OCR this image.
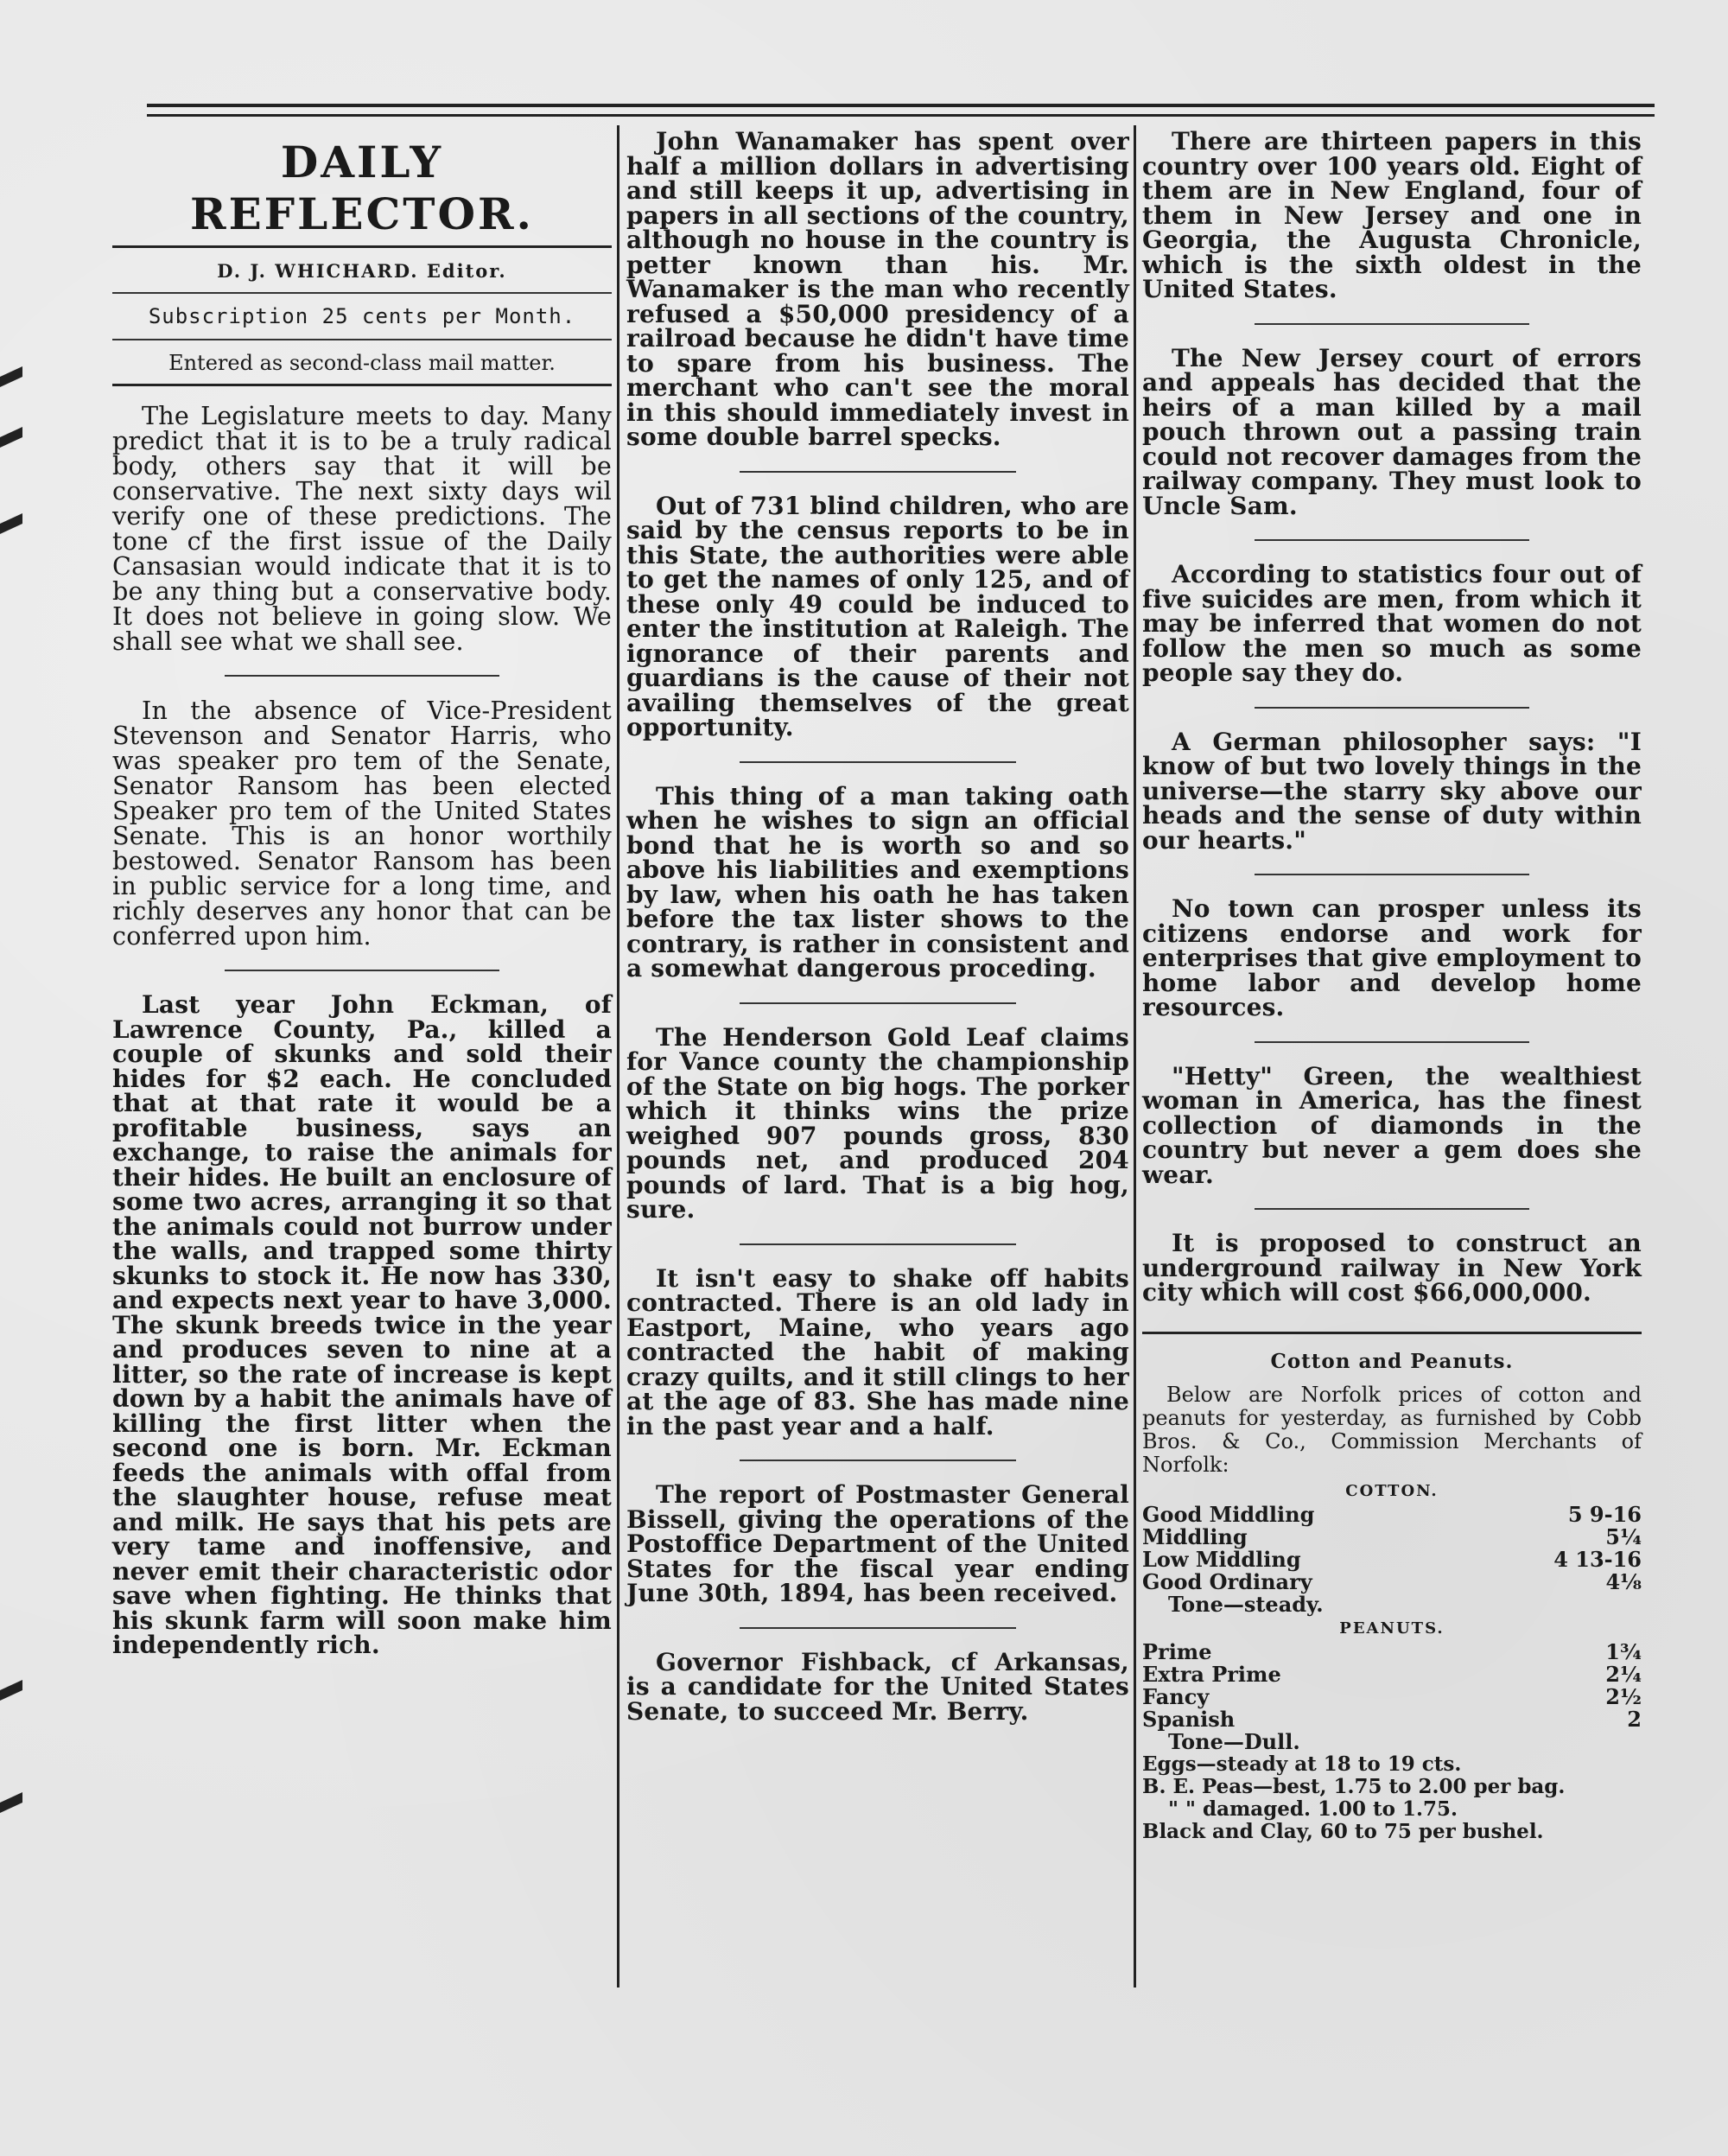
DAILY REFLECTOR.
D. J. WHICHARD. Editor.
Subscription 25 cents per Month.
Entered as second-class mail matter.

The Legislature meets to day. Many predict that it is to be a truly radical body, others say that it will be conservative. The next sixty days wil verify one of these predictions. The tone cf the first issue of the Daily Cansasian would indicate that it is to be any thing but a conservative body. It does not believe in going slow. We shall see what we shall see.

In the absence of Vice-President Stevenson and Senator Harris, who was speaker pro tem of the Senate, Senator Ransom has been elected Speaker pro tem of the United States Senate. This is an honor worthily bestowed. Senator Ransom has been in public service for a long time, and richly deserves any honor that can be conferred upon him.

Last year John Eckman, of Lawrence County, Pa., killed a couple of skunks and sold their hides for $2 each. He concluded that at that rate it would be a profitable business, says an exchange, to raise the animals for their hides. He built an enclosure of some two acres, arranging it so that the animals could not burrow under the walls, and trapped some thirty skunks to stock it. He now has 330, and expects next year to have 3,000. The skunk breeds twice in the year and produces seven to nine at a litter, so the rate of increase is kept down by a habit the animals have of killing the first litter when the second one is born. Mr. Eckman feeds the animals with offal from the slaughter house, refuse meat and milk. He says that his pets are very tame and inoffensive, and never emit their characteristic odor save when fighting. He thinks that his skunk farm will soon make him independently rich.

John Wanamaker has spent over half a million dollars in advertising and still keeps it up, advertising in papers in all sections of the country, although no house in the country is petter known than his. Mr. Wanamaker is the man who recently refused a $50,000 presidency of a railroad because he didn't have time to spare from his business. The merchant who can't see the moral in this should immediately invest in some double barrel specks.

Out of 731 blind children, who are said by the census reports to be in this State, the authorities were able to get the names of only 125, and of these only 49 could be induced to enter the institution at Raleigh. The ignorance of their parents and guardians is the cause of their not availing themselves of the great opportunity.

This thing of a man taking oath when he wishes to sign an official bond that he is worth so and so above his liabilities and exemptions by law, when his oath he has taken before the tax lister shows to the contrary, is rather in consistent and a somewhat dangerous proceding.

The Henderson Gold Leaf claims for Vance county the championship of the State on big hogs. The porker which it thinks wins the prize weighed 907 pounds gross, 830 pounds net, and produced 204 pounds of lard. That is a big hog, sure.

It isn't easy to shake off habits contracted. There is an old lady in Eastport, Maine, who years ago contracted the habit of making crazy quilts, and it still clings to her at the age of 83. She has made nine in the past year and a half.

The report of Postmaster General Bissell, giving the operations of the Postoffice Department of the United States for the fiscal year ending June 30th, 1894, has been received.

Governor Fishback, cf Arkansas, is a candidate for the United States Senate, to succeed Mr. Berry.

There are thirteen papers in this country over 100 years old. Eight of them are in New England, four of them in New Jersey and one in Georgia, the Augusta Chronicle, which is the sixth oldest in the United States.

The New Jersey court of errors and appeals has decided that the heirs of a man killed by a mail pouch thrown out a passing train could not recover damages from the railway company. They must look to Uncle Sam.

According to statistics four out of five suicides are men, from which it may be inferred that women do not follow the men so much as some people say they do.

A German philosopher says: "I know of but two lovely things in the universe—the starry sky above our heads and the sense of duty within our hearts."

No town can prosper unless its citizens endorse and work for enterprises that give employment to home labor and develop home resources.

"Hetty" Green, the wealthiest woman in America, has the finest collection of diamonds in the country but never a gem does she wear.

It is proposed to construct an underground railway in New York city which will cost $66,000,000.

Cotton and Peanuts.
Below are Norfolk prices of cotton and peanuts for yesterday, as furnished by Cobb Bros. & Co., Commission Merchants of Norfolk:
COTTON.
Good Middling	5 9-16
Middling	5¼
Low Middling	4 13-16
Good Ordinary	4⅛
Tone—steady.
PEANUTS.
Prime	1¾
Extra Prime	2¼
Fancy	2½
Spanish	2
Tone—Dull.
Eggs—steady at 18 to 19 cts.
B. E. Peas—best, 1.75 to 2.00 per bag.
" " damaged. 1.00 to 1.75.
Black and Clay, 60 to 75 per bushel.
